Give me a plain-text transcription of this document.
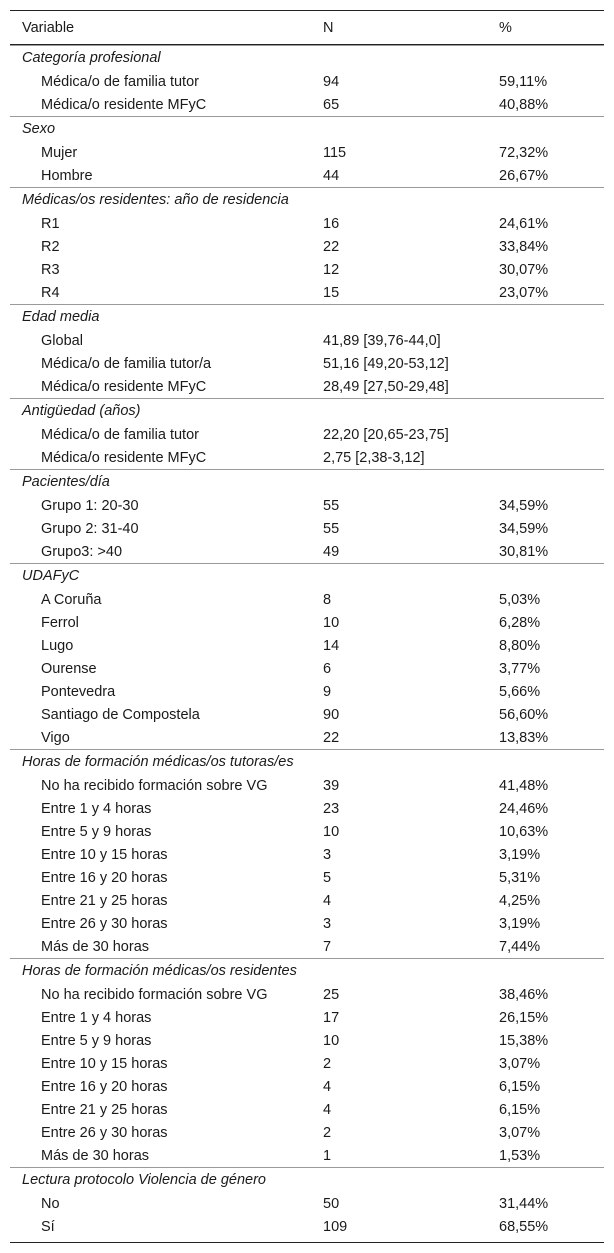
Variable	N	%
Categoría profesional
Médica/o de familia tutor	94	59,11%
Médica/o residente MFyC	65	40,88%
Sexo
Mujer	115	72,32%
Hombre	44	26,67%
Médicas/os residentes: año de residencia
R1	16	24,61%
R2	22	33,84%
R3	12	30,07%
R4	15	23,07%
Edad media
Global	41,89 [39,76-44,0]
Médica/o de familia tutor/a	51,16 [49,20-53,12]
Médica/o residente MFyC	28,49 [27,50-29,48]
Antigüedad (años)
Médica/o de familia tutor	22,20 [20,65-23,75]
Médica/o residente MFyC	2,75 [2,38-3,12]
Pacientes/día
Grupo 1: 20-30	55	34,59%
Grupo 2: 31-40	55	34,59%
Grupo3: >40	49	30,81%
UDAFyC
A Coruña	8	5,03%
Ferrol	10	6,28%
Lugo	14	8,80%
Ourense	6	3,77%
Pontevedra	9	5,66%
Santiago de Compostela	90	56,60%
Vigo	22	13,83%
Horas de formación médicas/os tutoras/es
No ha recibido formación sobre VG	39	41,48%
Entre 1 y 4 horas	23	24,46%
Entre 5 y 9 horas	10	10,63%
Entre 10 y 15 horas	3	3,19%
Entre 16 y 20 horas	5	5,31%
Entre 21 y 25 horas	4	4,25%
Entre 26 y 30 horas	3	3,19%
Más de 30 horas	7	7,44%
Horas de formación médicas/os residentes
No ha recibido formación sobre VG	25	38,46%
Entre 1 y 4 horas	17	26,15%
Entre 5 y 9 horas	10	15,38%
Entre 10 y 15 horas	2	3,07%
Entre 16 y 20 horas	4	6,15%
Entre 21 y 25 horas	4	6,15%
Entre 26 y 30 horas	2	3,07%
Más de 30 horas	1	1,53%
Lectura protocolo Violencia de género
No	50	31,44%
Sí	109	68,55%
